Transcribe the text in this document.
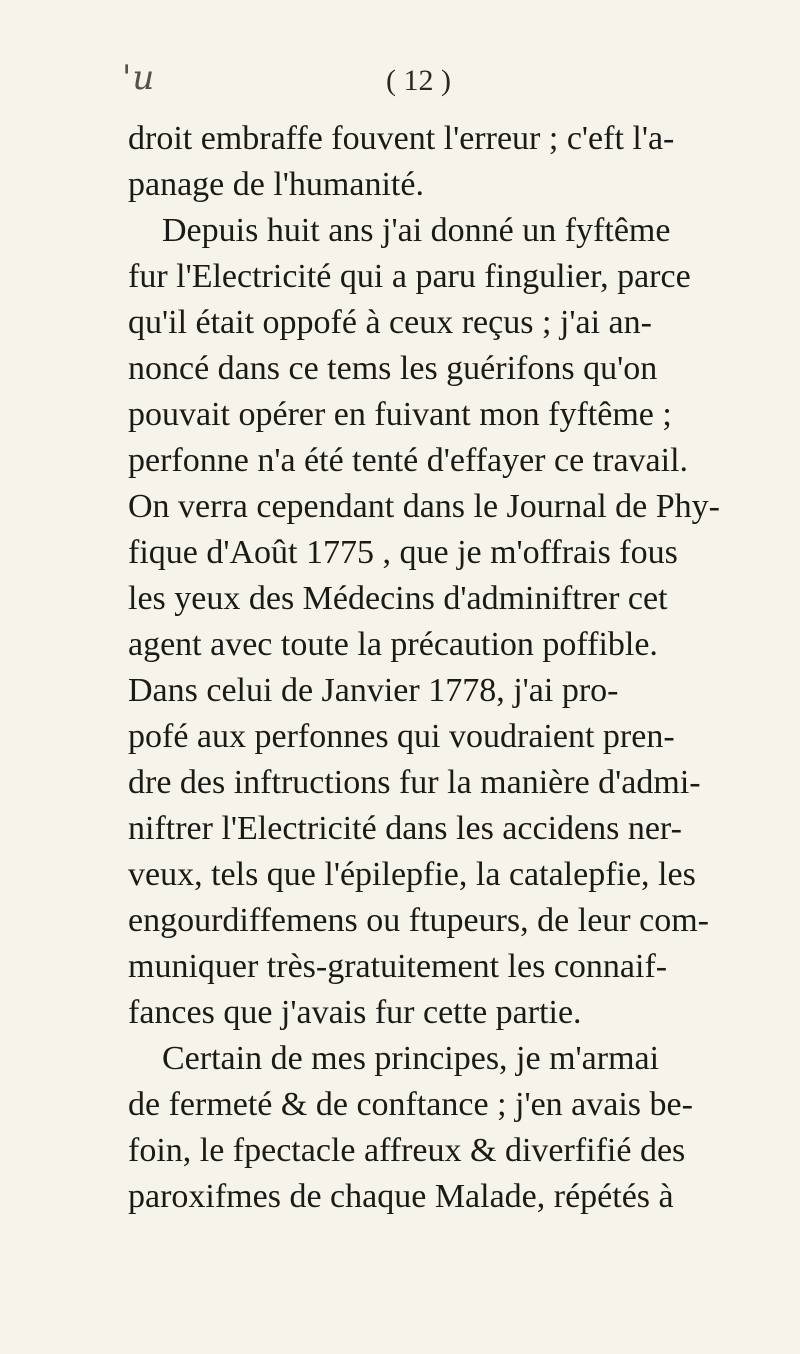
'u	( 12 )
droit embraffe fouvent l'erreur ; c'eft l'a-
panage de l'humanité.
Depuis huit ans j'ai donné un fyftême
fur l'Electricité qui a paru fingulier, parce
qu'il était oppofé à ceux reçus ; j'ai an-
noncé dans ce tems les guérifons qu'on
pouvait opérer en fuivant mon fyftême ;
perfonne n'a été tenté d'effayer ce travail.
On verra cependant dans le Journal de Phy-
fique d'Août 1775 , que je m'offrais fous
les yeux des Médecins d'adminiftrer cet
agent avec toute la précaution poffible.
Dans celui de Janvier 1778, j'ai pro-
pofé aux perfonnes qui voudraient pren-
dre des inftructions fur la manière d'admi-
niftrer l'Electricité dans les accidens ner-
veux, tels que l'épilepfie, la catalepfie, les
engourdiffemens ou ftupeurs, de leur com-
muniquer très-gratuitement les connaif-
fances que j'avais fur cette partie.
Certain de mes principes, je m'armai
de fermeté & de conftance ; j'en avais be-
foin, le fpectacle affreux & diverfifié des
paroxifmes de chaque Malade, répétés à
